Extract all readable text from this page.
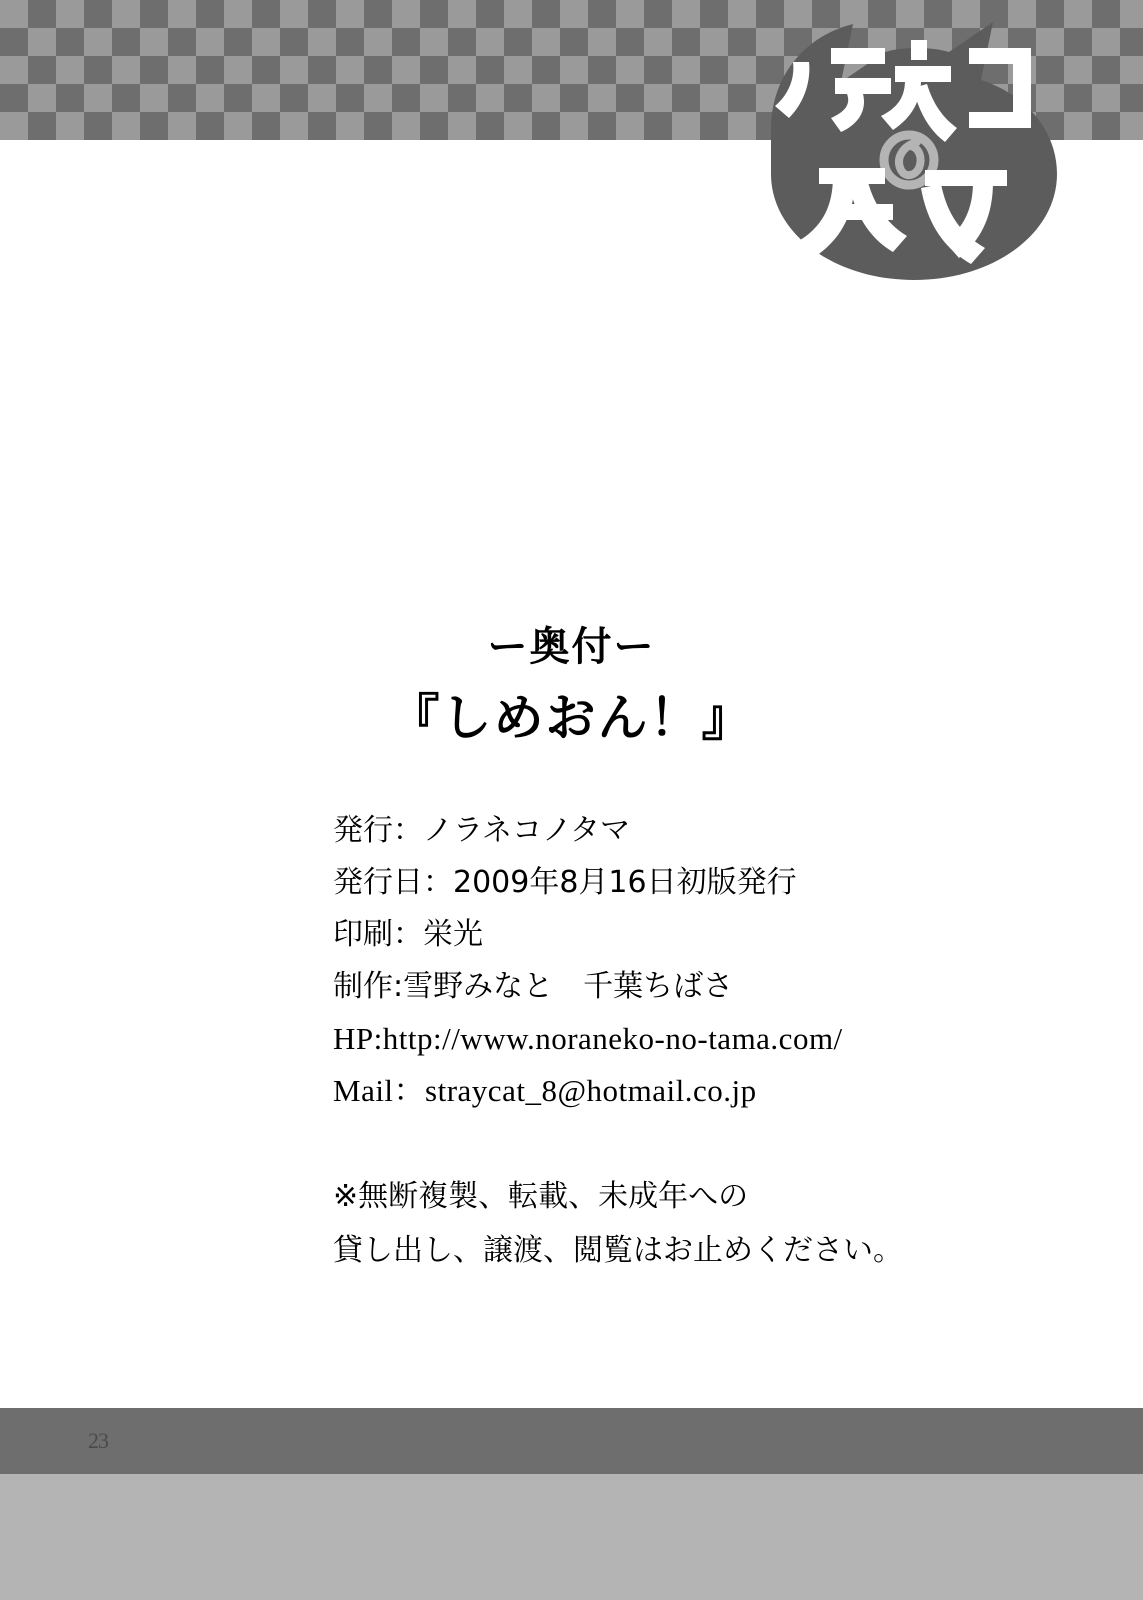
ー奥付ー
『しめおん！』
発行：ノラネコノタマ
発行日：2009年8月16日初版発行
印刷：栄光
制作:雪野みなと　千葉ちばさ
HP:http://www.noraneko-no-tama.com/
Mail：straycat_8@hotmail.co.jp
※無断複製、転載、未成年への
貸し出し、譲渡、閲覧はお止めください。
23
